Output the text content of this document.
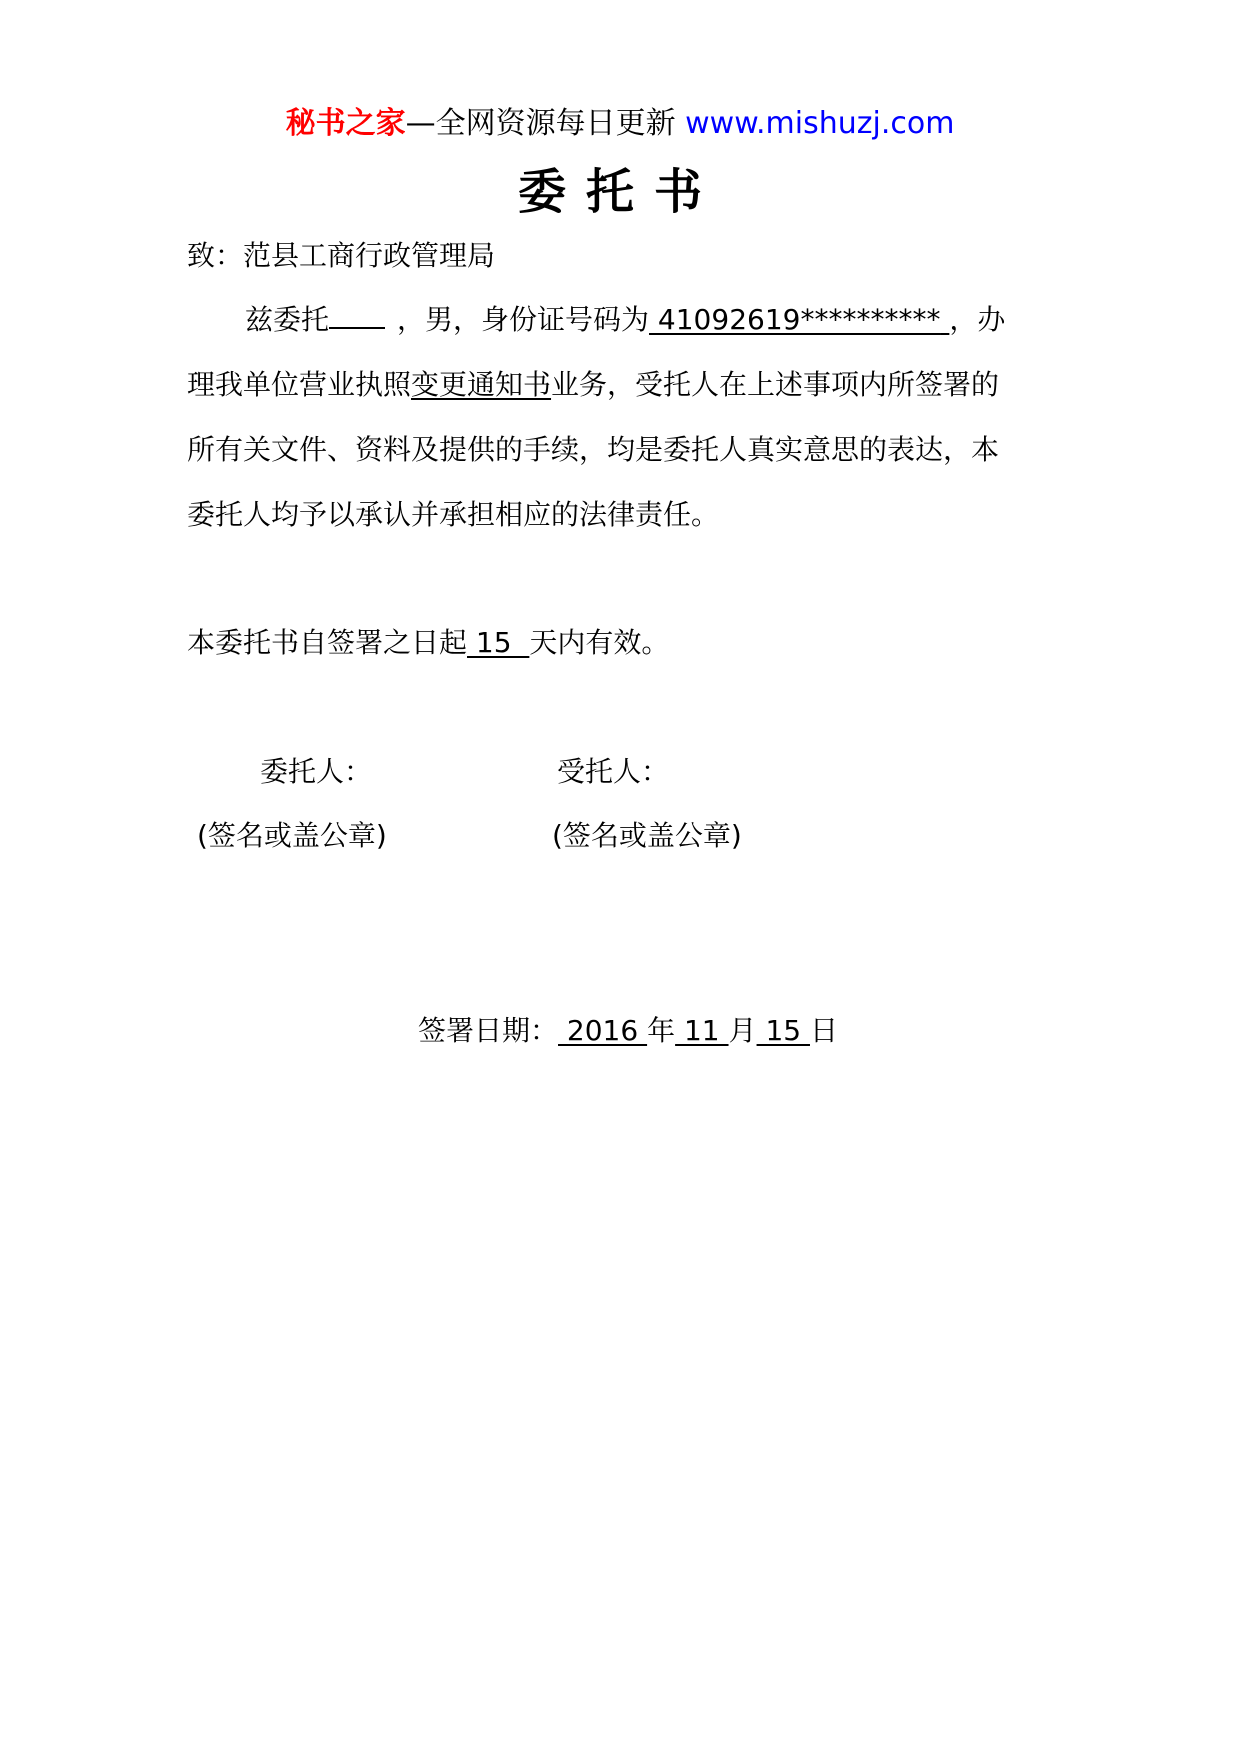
秘书之家—全网资源每日更新 www.mishuzj.com
委托书
致：范县工商行政管理局
兹委托 ，男，身份证号码为 41092619********** ，办
理我单位营业执照变更通知书业务，受托人在上述事项内所签署的
所有关文件、资料及提供的手续，均是委托人真实意思的表达，本
委托人均予以承认并承担相应的法律责任。
本委托书自签署之日起 15  天内有效。
委托人：	受托人：
(签名或盖公章)	(签名或盖公章)
签署日期： 2016 年 11 月 15 日
